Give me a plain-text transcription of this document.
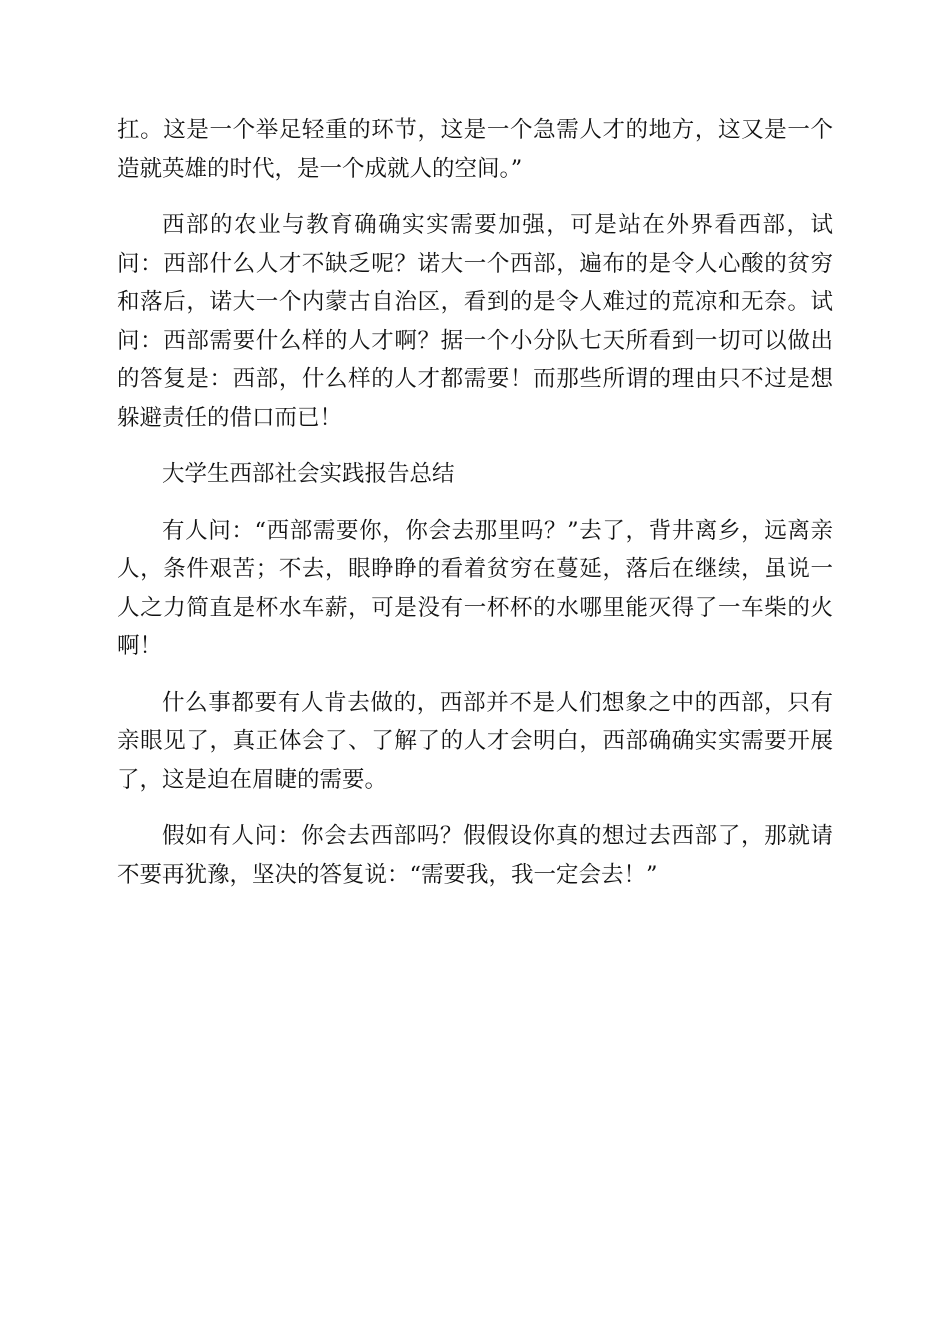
扛。这是一个举足轻重的环节，这是一个急需人才的地方，这又是一个造就英雄的时代，是一个成就人的空间。”

西部的农业与教育确确实实需要加强，可是站在外界看西部，试问：西部什么人才不缺乏呢？诺大一个西部，遍布的是令人心酸的贫穷和落后，诺大一个内蒙古自治区，看到的是令人难过的荒凉和无奈。试问：西部需要什么样的人才啊？据一个小分队七天所看到一切可以做出的答复是：西部，什么样的人才都需要！而那些所谓的理由只不过是想躲避责任的借口而已！

大学生西部社会实践报告总结

有人问：“西部需要你，你会去那里吗？”去了，背井离乡，远离亲人，条件艰苦；不去，眼睁睁的看着贫穷在蔓延，落后在继续，虽说一人之力简直是杯水车薪，可是没有一杯杯的水哪里能灭得了一车柴的火啊！

什么事都要有人肯去做的，西部并不是人们想象之中的西部，只有亲眼见了，真正体会了、了解了的人才会明白，西部确确实实需要开展了，这是迫在眉睫的需要。

假如有人问：你会去西部吗？假假设你真的想过去西部了，那就请不要再犹豫，坚决的答复说：“需要我，我一定会去！”
